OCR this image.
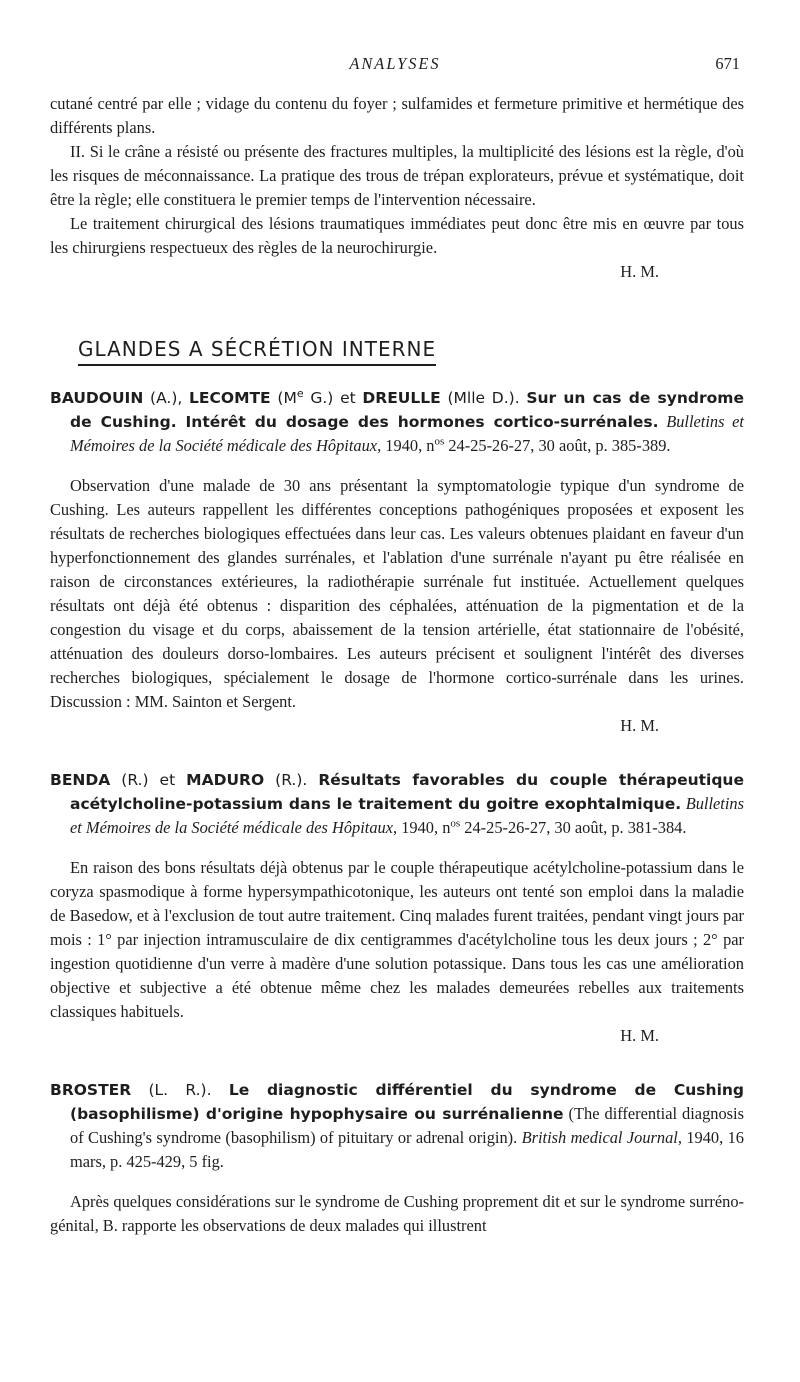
ANALYSES	671

cutané centré par elle ; vidage du contenu du foyer ; sulfamides et fermeture primitive et hermétique des différents plans.

II. Si le crâne a résisté ou présente des fractures multiples, la multiplicité des lésions est la règle, d'où les risques de méconnaissance. La pratique des trous de trépan explorateurs, prévue et systématique, doit être la règle; elle constituera le premier temps de l'intervention nécessaire.

Le traitement chirurgical des lésions traumatiques immédiates peut donc être mis en œuvre par tous les chirurgiens respectueux des règles de la neurochirurgie.

H. M.

GLANDES A SÉCRÉTION INTERNE

BAUDOUIN (A.), LECOMTE (Me G.) et DREULLE (Mlle D.). Sur un cas de syndrome de Cushing. Intérêt du dosage des hormones cortico-surrénales. Bulletins et Mémoires de la Société médicale des Hôpitaux, 1940, $n^{os}$ 24-25-26-27, 30 août, p. 385-389.

Observation d'une malade de 30 ans présentant la symptomatologie typique d'un syndrome de Cushing. Les auteurs rappellent les différentes conceptions pathogéniques proposées et exposent les résultats de recherches biologiques effectuées dans leur cas. Les valeurs obtenues plaidant en faveur d'un hyperfonctionnement des glandes surrénales, et l'ablation d'une surrénale n'ayant pu être réalisée en raison de circonstances extérieures, la radiothérapie surrénale fut instituée. Actuellement quelques résultats ont déjà été obtenus : disparition des céphalées, atténuation de la pigmentation et de la congestion du visage et du corps, abaissement de la tension artérielle, état stationnaire de l'obésité, atténuation des douleurs dorso-lombaires. Les auteurs précisent et soulignent l'intérêt des diverses recherches biologiques, spécialement le dosage de l'hormone cortico-surrénale dans les urines. Discussion : MM. Sainton et Sergent.

H. M.

BENDA (R.) et MADURO (R.). Résultats favorables du couple thérapeutique acétylcholine-potassium dans le traitement du goitre exophtalmique. Bulletins et Mémoires de la Société médicale des Hôpitaux, 1940, $n^{os}$ 24-25-26-27, 30 août, p. 381-384.

En raison des bons résultats déjà obtenus par le couple thérapeutique acétylcholine-potassium dans le coryza spasmodique à forme hypersympathicotonique, les auteurs ont tenté son emploi dans la maladie de Basedow, et à l'exclusion de tout autre traitement. Cinq malades furent traitées, pendant vingt jours par mois : 1° par injection intramusculaire de dix centigrammes d'acétylcholine tous les deux jours ; 2° par ingestion quotidienne d'un verre à madère d'une solution potassique. Dans tous les cas une amélioration objective et subjective a été obtenue même chez les malades demeurées rebelles aux traitements classiques habituels.

H. M.

BROSTER (L. R.). Le diagnostic différentiel du syndrome de Cushing (basophilisme) d'origine hypophysaire ou surrénalienne (The differential diagnosis of Cushing's syndrome (basophilism) of pituitary or adrenal origin). British medical Journal, 1940, 16 mars, p. 425-429, 5 fig.

Après quelques considérations sur le syndrome de Cushing proprement dit et sur le syndrome surréno-génital, B. rapporte les observations de deux malades qui illustrent
